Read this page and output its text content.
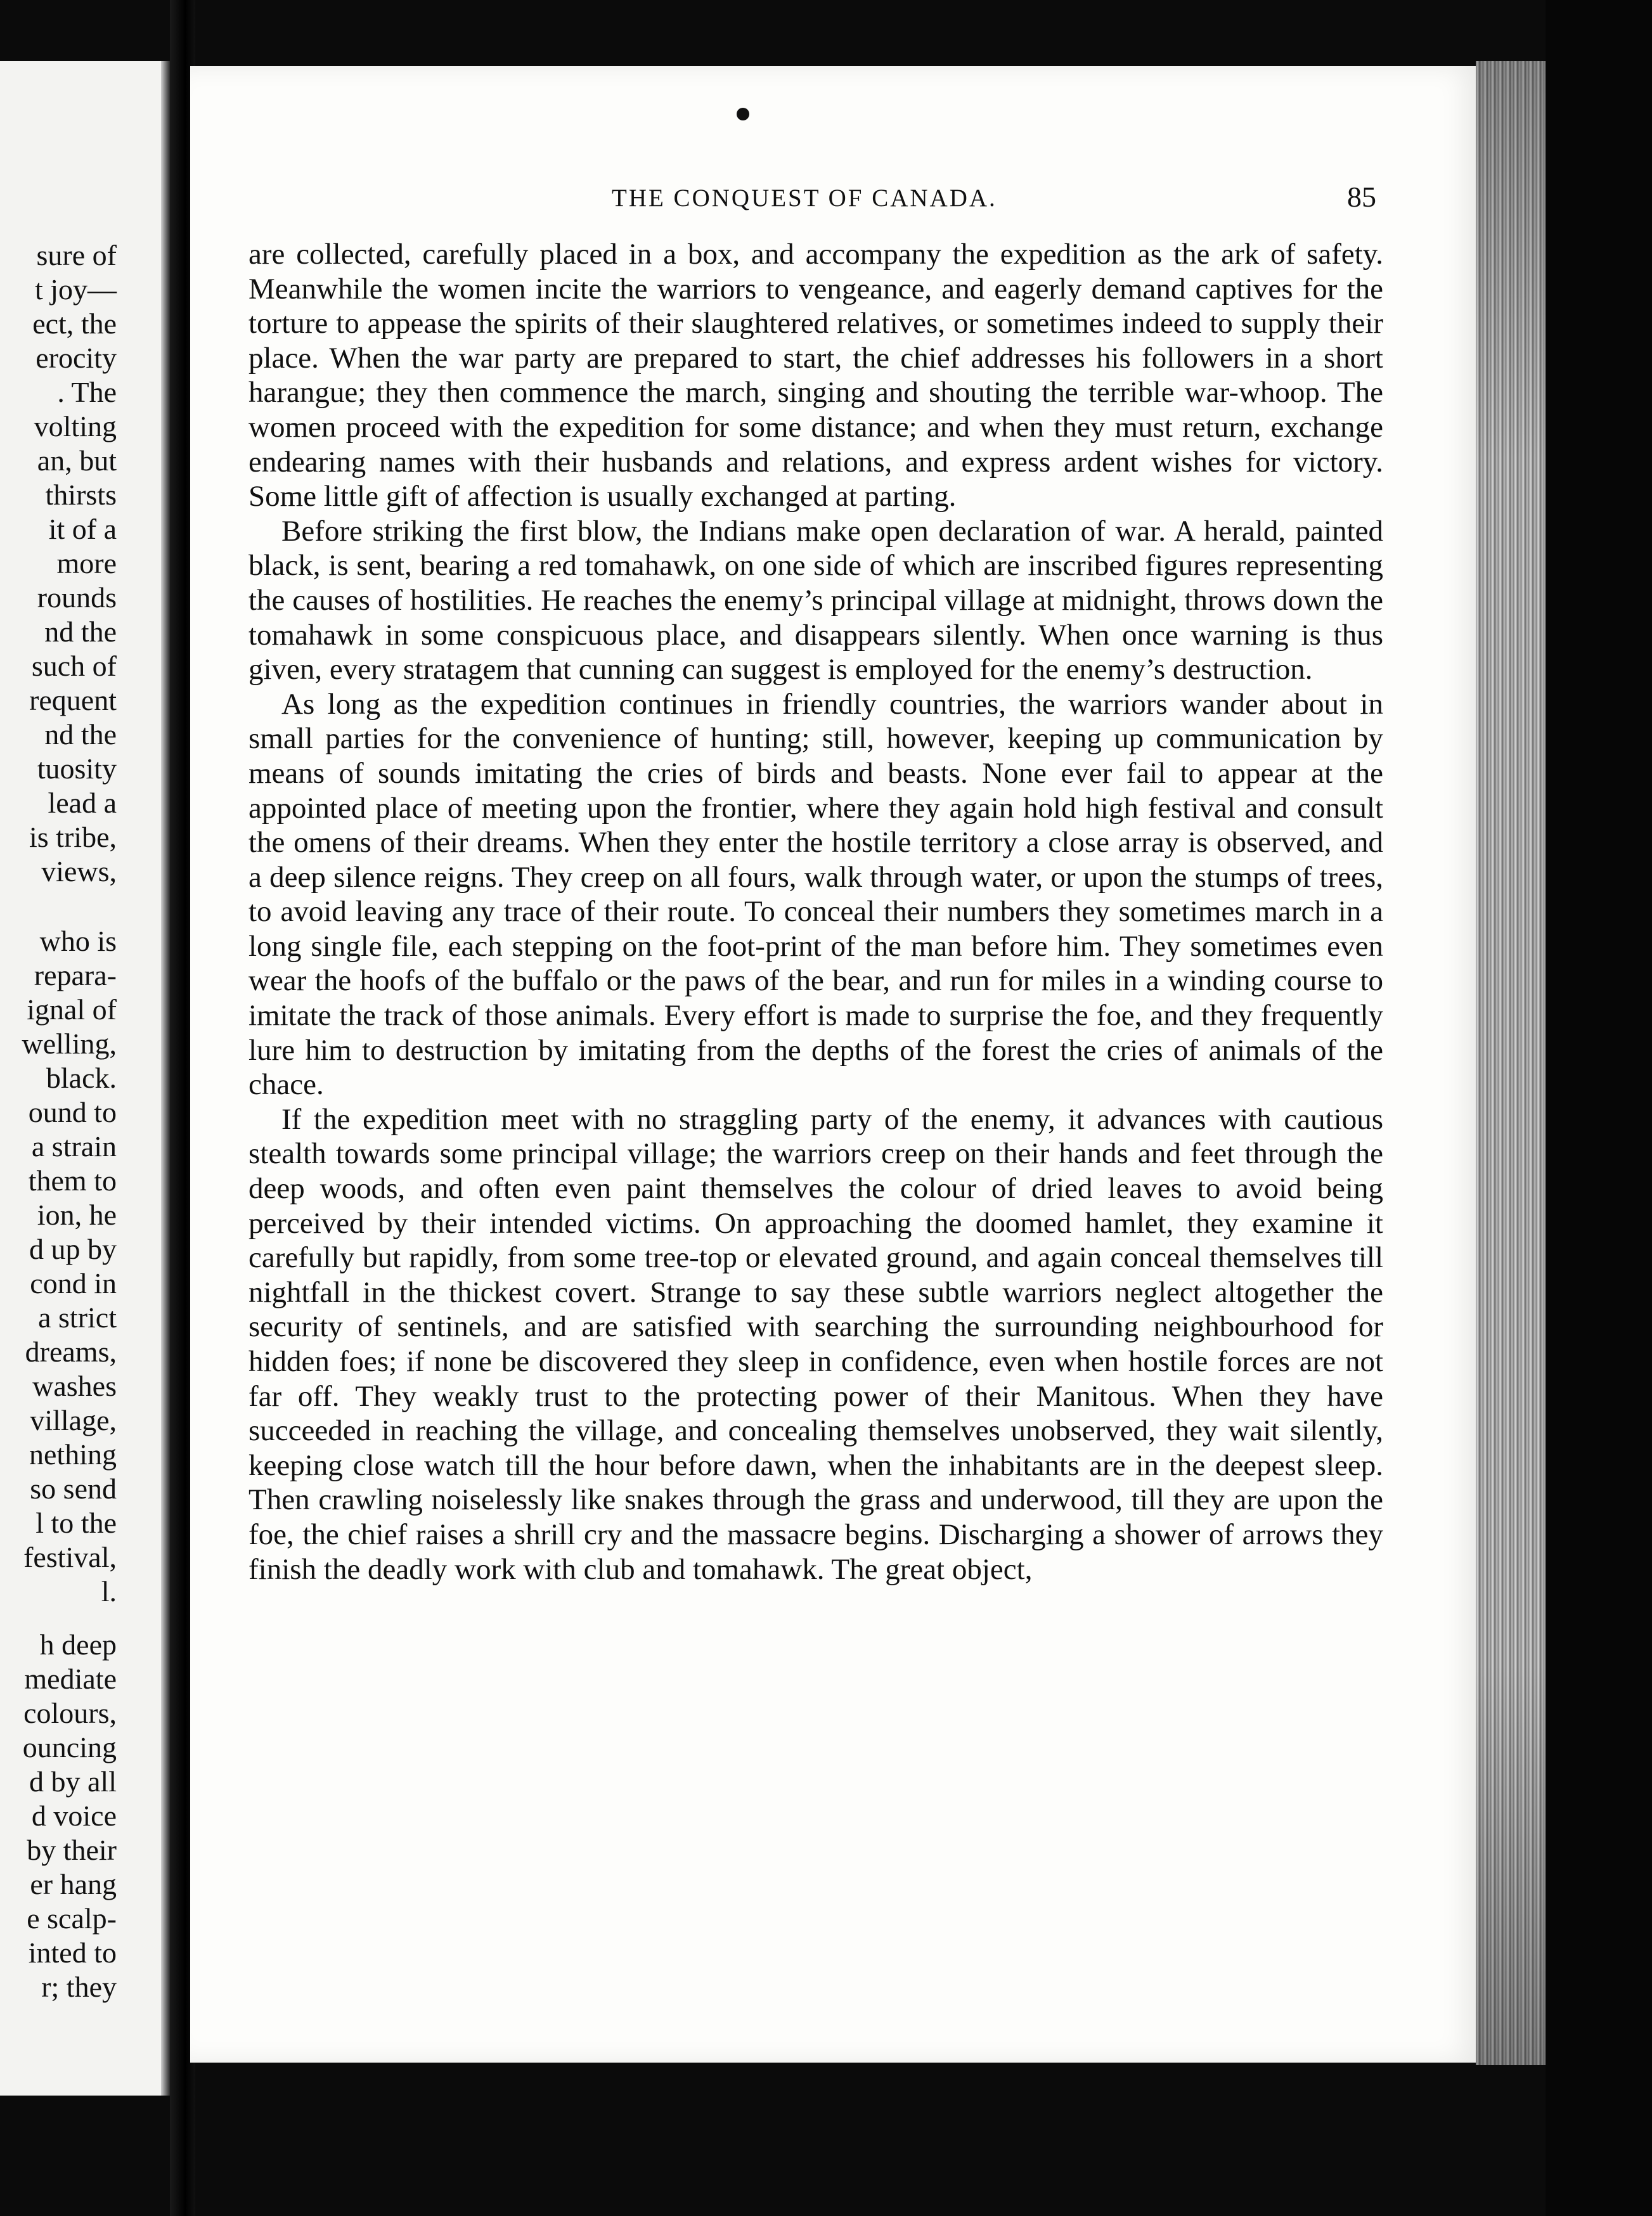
sure of

t joy—

ect, the

erocity

. The

volting

an, but

thirsts

it of a

more

rounds

nd the

such of

requent

nd the

tuosity

lead a

is tribe,

views,

who is

repara-

ignal of

welling,

black.

ound to

a strain

them to

ion, he

d up by

cond in

a strict

dreams,

washes

village,

nething

so send

l to the

festival,

l.

h deep

mediate

colours,

ouncing

d by all

d voice

by their

er hang

e scalp-

inted to

r; they

THE CONQUEST OF CANADA.	85

are collected, carefully placed in a box, and accompany the expedition as the ark of safety. Meanwhile the women incite the warriors to vengeance, and eagerly demand captives for the torture to appease the spirits of their slaughtered relatives, or sometimes indeed to supply their place. When the war party are prepared to start, the chief addresses his followers in a short harangue; they then commence the march, singing and shouting the terrible war-whoop. The women proceed with the expedition for some distance; and when they must return, exchange endearing names with their husbands and relations, and express ardent wishes for victory. Some little gift of affection is usually exchanged at parting.

Before striking the first blow, the Indians make open declaration of war. A herald, painted black, is sent, bearing a red tomahawk, on one side of which are inscribed figures representing the causes of hostilities. He reaches the enemy’s principal village at midnight, throws down the tomahawk in some conspicuous place, and disappears silently. When once warning is thus given, every stratagem that cunning can suggest is employed for the enemy’s destruction.

As long as the expedition continues in friendly countries, the warriors wander about in small parties for the convenience of hunting; still, however, keeping up communication by means of sounds imitating the cries of birds and beasts. None ever fail to appear at the appointed place of meeting upon the frontier, where they again hold high festival and consult the omens of their dreams. When they enter the hostile territory a close array is observed, and a deep silence reigns. They creep on all fours, walk through water, or upon the stumps of trees, to avoid leaving any trace of their route. To conceal their numbers they sometimes march in a long single file, each stepping on the foot-print of the man before him. They sometimes even wear the hoofs of the buffalo or the paws of the bear, and run for miles in a winding course to imitate the track of those animals. Every effort is made to surprise the foe, and they frequently lure him to destruction by imitating from the depths of the forest the cries of animals of the chace.

If the expedition meet with no straggling party of the enemy, it advances with cautious stealth towards some principal village; the warriors creep on their hands and feet through the deep woods, and often even paint themselves the colour of dried leaves to avoid being perceived by their intended victims. On approaching the doomed hamlet, they examine it carefully but rapidly, from some tree-top or elevated ground, and again conceal themselves till nightfall in the thickest covert. Strange to say these subtle warriors neglect altogether the security of sentinels, and are satisfied with searching the surrounding neighbourhood for hidden foes; if none be discovered they sleep in confidence, even when hostile forces are not far off. They weakly trust to the protecting power of their Manitous. When they have succeeded in reaching the village, and concealing themselves unobserved, they wait silently, keeping close watch till the hour before dawn, when the inhabitants are in the deepest sleep. Then crawling noiselessly like snakes through the grass and underwood, till they are upon the foe, the chief raises a shrill cry and the massacre begins. Discharging a shower of arrows they finish the deadly work with club and tomahawk. The great object,
